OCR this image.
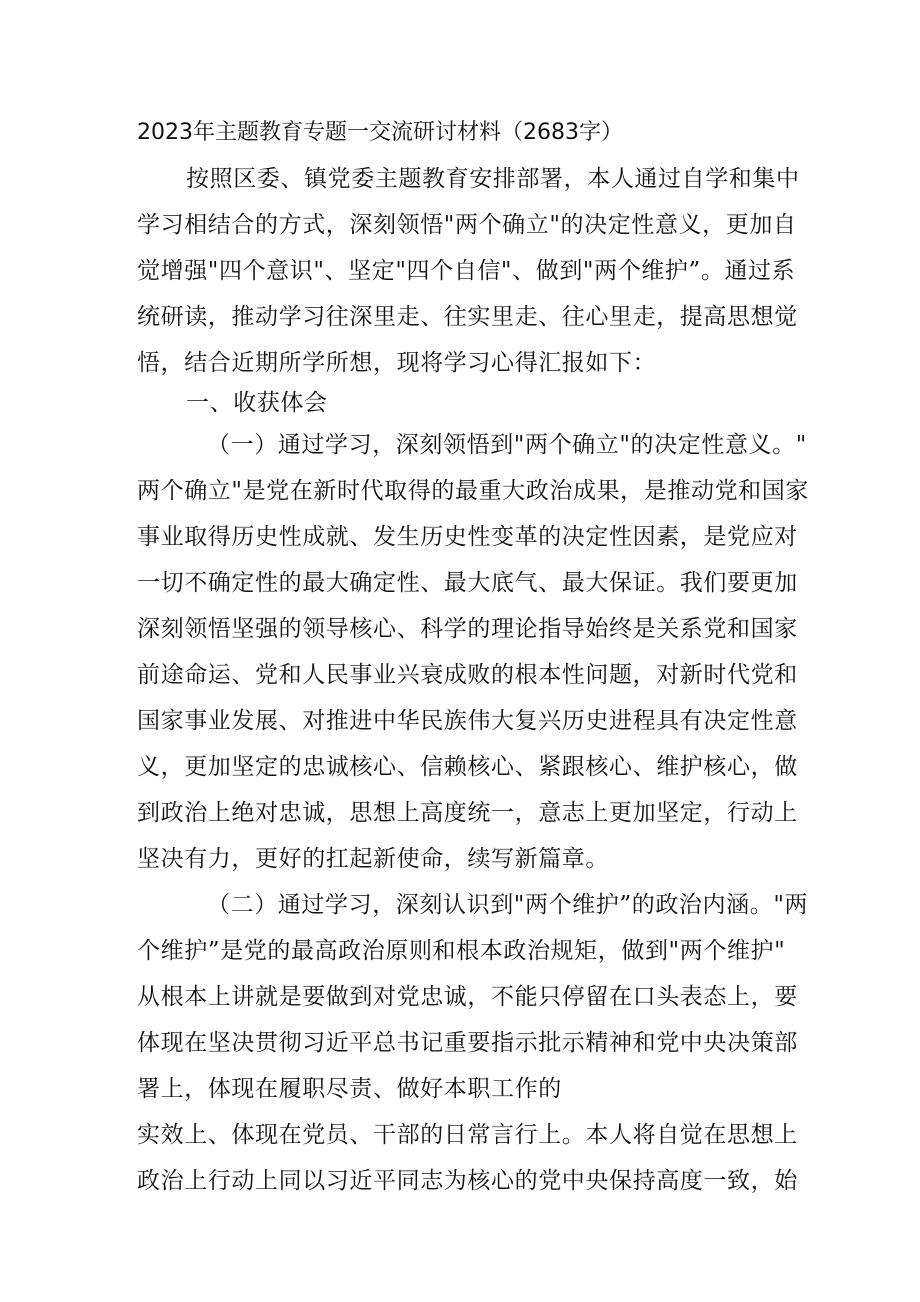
2023年主题教育专题一交流研讨材料（2683字）
按照区委、镇党委主题教育安排部署，本人通过自学和集中
学习相结合的方式，深刻领悟"两个确立"的决定性意义，更加自
觉增强"四个意识"、坚定"四个自信"、做到"两个维护”。通过系
统研读，推动学习往深里走、往实里走、往心里走，提高思想觉
悟，结合近期所学所想，现将学习心得汇报如下：
一、收获体会
（一）通过学习，深刻领悟到"两个确立"的决定性意义。"
两个确立"是党在新时代取得的最重大政治成果，是推动党和国家
事业取得历史性成就、发生历史性变革的决定性因素，是党应对
一切不确定性的最大确定性、最大底气、最大保证。我们要更加
深刻领悟坚强的领导核心、科学的理论指导始终是关系党和国家
前途命运、党和人民事业兴衰成败的根本性问题，对新时代党和
国家事业发展、对推进中华民族伟大复兴历史进程具有决定性意
义，更加坚定的忠诚核心、信赖核心、紧跟核心、维护核心，做
到政治上绝对忠诚，思想上高度统一，意志上更加坚定，行动上
坚决有力，更好的扛起新使命，续写新篇章。
（二）通过学习，深刻认识到"两个维护”的政治内涵。"两
个维护”是党的最高政治原则和根本政治规矩，做到"两个维护"
从根本上讲就是要做到对党忠诚，不能只停留在口头表态上，要
体现在坚决贯彻习近平总书记重要指示批示精神和党中央决策部
署上，体现在履职尽责、做好本职工作的
实效上、体现在党员、干部的日常言行上。本人将自觉在思想上
政治上行动上同以习近平同志为核心的党中央保持高度一致，始
